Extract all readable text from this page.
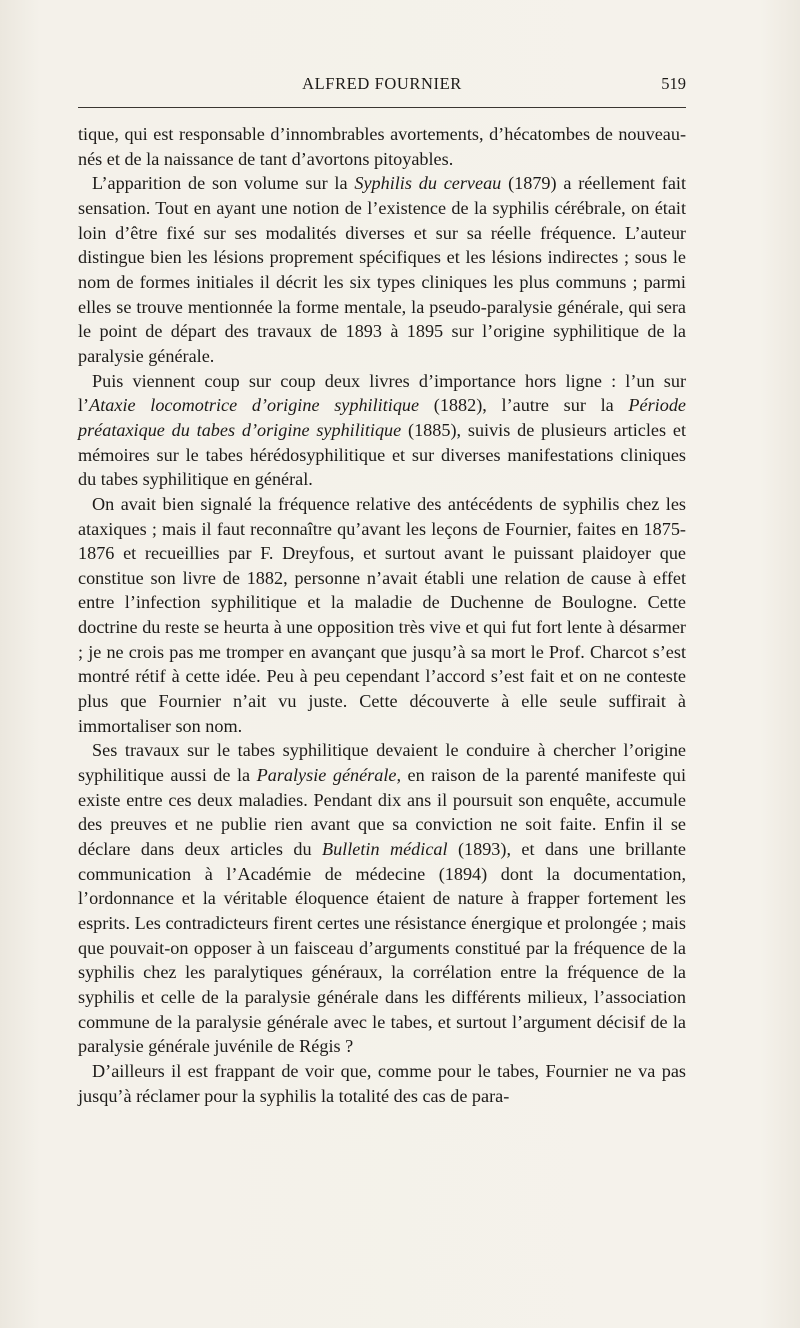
ALFRED FOURNIER	519

tique, qui est responsable d’innombrables avortements, d’hécatombes de nouveau-nés et de la naissance de tant d’avortons pitoyables.

L’apparition de son volume sur la Syphilis du cerveau (1879) a réellement fait sensation. Tout en ayant une notion de l’existence de la syphilis cérébrale, on était loin d’être fixé sur ses modalités diverses et sur sa réelle fréquence. L’auteur distingue bien les lésions proprement spécifiques et les lésions indirectes ; sous le nom de formes initiales il décrit les six types cliniques les plus communs ; parmi elles se trouve mentionnée la forme mentale, la pseudo-paralysie générale, qui sera le point de départ des travaux de 1893 à 1895 sur l’origine syphilitique de la paralysie générale.

Puis viennent coup sur coup deux livres d’importance hors ligne : l’un sur l’Ataxie locomotrice d’origine syphilitique (1882), l’autre sur la Période préataxique du tabes d’origine syphilitique (1885), suivis de plusieurs articles et mémoires sur le tabes hérédosyphilitique et sur diverses manifestations cliniques du tabes syphilitique en général.

On avait bien signalé la fréquence relative des antécédents de syphilis chez les ataxiques ; mais il faut reconnaître qu’avant les leçons de Fournier, faites en 1875-1876 et recueillies par F. Dreyfous, et surtout avant le puissant plaidoyer que constitue son livre de 1882, personne n’avait établi une relation de cause à effet entre l’infection syphilitique et la maladie de Duchenne de Boulogne. Cette doctrine du reste se heurta à une opposition très vive et qui fut fort lente à désarmer ; je ne crois pas me tromper en avançant que jusqu’à sa mort le Prof. Charcot s’est montré rétif à cette idée. Peu à peu cependant l’accord s’est fait et on ne conteste plus que Fournier n’ait vu juste. Cette découverte à elle seule suffirait à immortaliser son nom.

Ses travaux sur le tabes syphilitique devaient le conduire à chercher l’origine syphilitique aussi de la Paralysie générale, en raison de la parenté manifeste qui existe entre ces deux maladies. Pendant dix ans il poursuit son enquête, accumule des preuves et ne publie rien avant que sa conviction ne soit faite. Enfin il se déclare dans deux articles du Bulletin médical (1893), et dans une brillante communication à l’Académie de médecine (1894) dont la documentation, l’ordonnance et la véritable éloquence étaient de nature à frapper fortement les esprits. Les contradicteurs firent certes une résistance énergique et prolongée ; mais que pouvait-on opposer à un faisceau d’arguments constitué par la fréquence de la syphilis chez les paralytiques généraux, la corrélation entre la fréquence de la syphilis et celle de la paralysie générale dans les différents milieux, l’association commune de la paralysie générale avec le tabes, et surtout l’argument décisif de la paralysie générale juvénile de Régis ?

D’ailleurs il est frappant de voir que, comme pour le tabes, Fournier ne va pas jusqu’à réclamer pour la syphilis la totalité des cas de para-
